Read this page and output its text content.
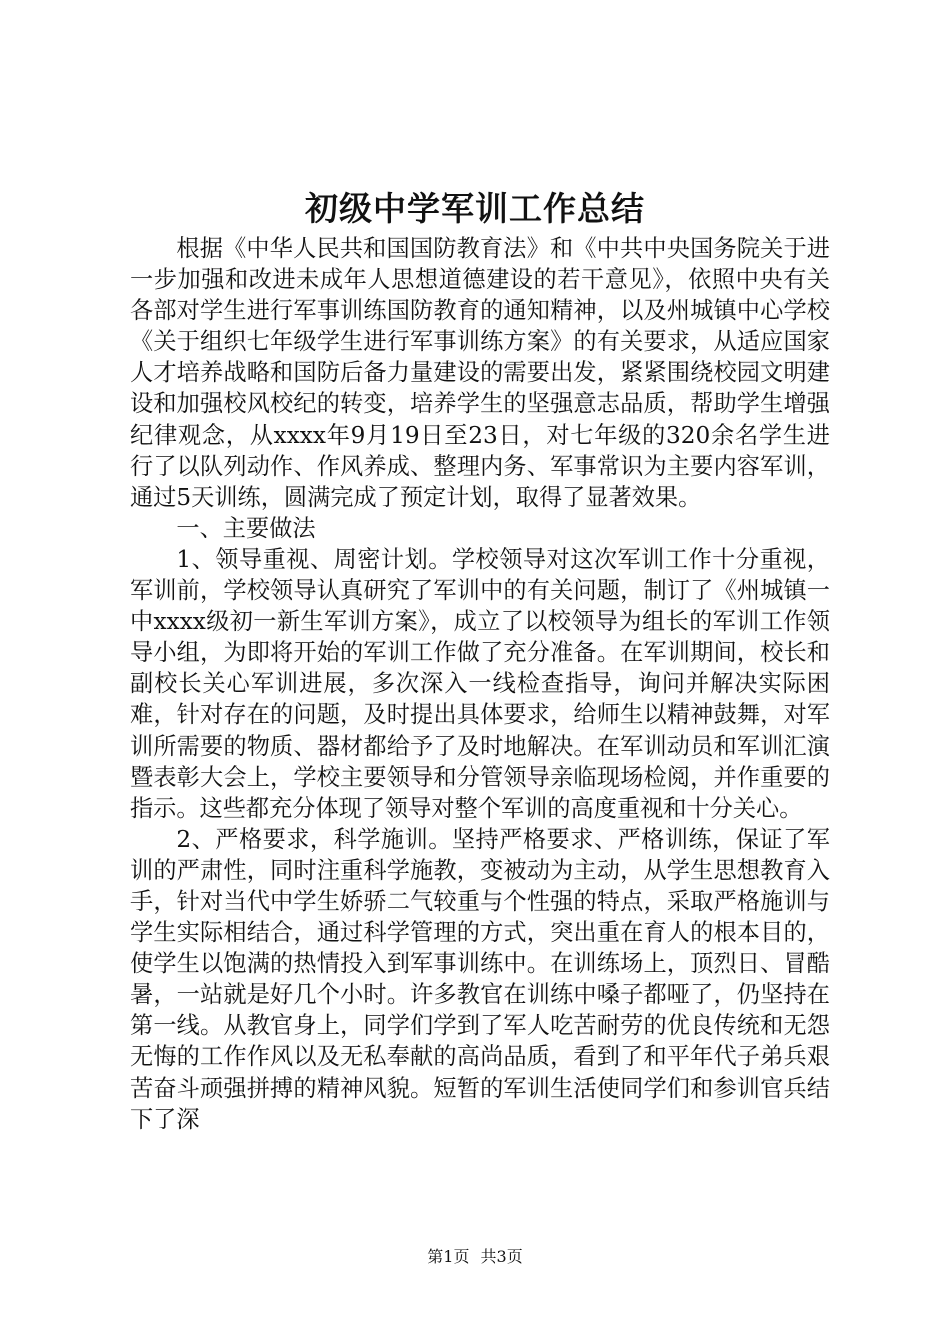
初级中学军训工作总结

根据《中华人民共和国国防教育法》和《中共中央国务院关于进一步加强和改进未成年人思想道德建设的若干意见》，依照中央有关各部对学生进行军事训练国防教育的通知精神，以及州城镇中心学校《关于组织七年级学生进行军事训练方案》的有关要求，从适应国家人才培养战略和国防后备力量建设的需要出发，紧紧围绕校园文明建设和加强校风校纪的转变，培养学生的坚强意志品质，帮助学生增强纪律观念，从xxxx年9月19日至23日，对七年级的320余名学生进行了以队列动作、作风养成、整理内务、军事常识为主要内容军训，通过5天训练，圆满完成了预定计划，取得了显著效果。

一、主要做法

1、领导重视、周密计划。学校领导对这次军训工作十分重视，军训前，学校领导认真研究了军训中的有关问题，制订了《州城镇一中xxxx级初一新生军训方案》，成立了以校领导为组长的军训工作领导小组，为即将开始的军训工作做了充分准备。在军训期间，校长和副校长关心军训进展，多次深入一线检查指导，询问并解决实际困难，针对存在的问题，及时提出具体要求，给师生以精神鼓舞，对军训所需要的物质、器材都给予了及时地解决。在军训动员和军训汇演暨表彰大会上，学校主要领导和分管领导亲临现场检阅，并作重要的指示。这些都充分体现了领导对整个军训的高度重视和十分关心。

2、严格要求，科学施训。坚持严格要求、严格训练，保证了军训的严肃性，同时注重科学施教，变被动为主动，从学生思想教育入手，针对当代中学生娇骄二气较重与个性强的特点，采取严格施训与学生实际相结合，通过科学管理的方式，突出重在育人的根本目的，使学生以饱满的热情投入到军事训练中。在训练场上，顶烈日、冒酷暑，一站就是好几个小时。许多教官在训练中嗓子都哑了，仍坚持在第一线。从教官身上，同学们学到了军人吃苦耐劳的优良传统和无怨无悔的工作作风以及无私奉献的高尚品质，看到了和平年代子弟兵艰苦奋斗顽强拼搏的精神风貌。短暂的军训生活使同学们和参训官兵结下了深

第1页 共3页
